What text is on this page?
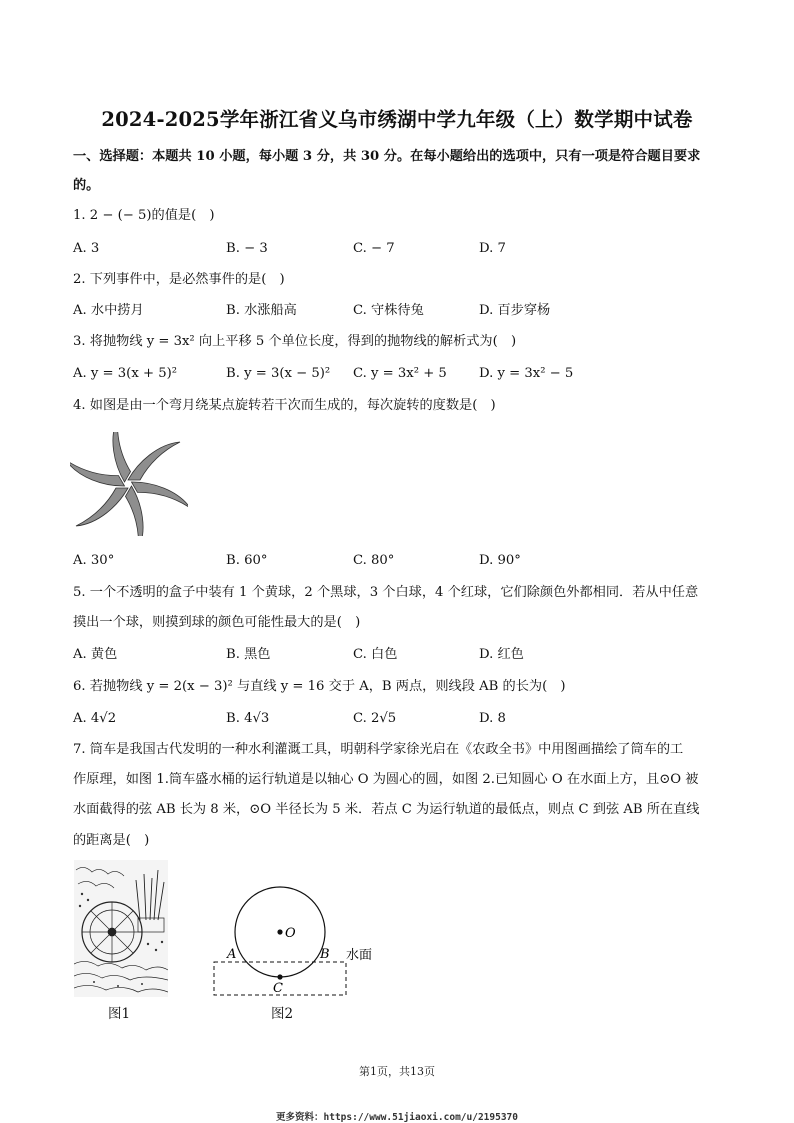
2024-2025学年浙江省义乌市绣湖中学九年级（上）数学期中试卷
一、选择题：本题共 10 小题，每小题 3 分，共 30 分。在每小题给出的选项中，只有一项是符合题目要求
的。
1. 2 − (− 5)的值是(　)
A. 3	B. − 3	C. − 7	D. 7
2. 下列事件中，是必然事件的是(　)
A. 水中捞月	B. 水涨船高	C. 守株待兔	D. 百步穿杨
3. 将抛物线 y = 3x² 向上平移 5 个单位长度，得到的抛物线的解析式为(　)
A. y = 3(x + 5)²	B. y = 3(x − 5)² C. y = 3x² + 5 D. y = 3x² − 5
4. 如图是由一个弯月绕某点旋转若干次而生成的，每次旋转的度数是(　)
A. 30°	B. 60°	C. 80°	D. 90°
5. 一个不透明的盒子中装有 1 个黄球，2 个黑球，3 个白球，4 个红球，它们除颜色外都相同．若从中任意
摸出一个球，则摸到球的颜色可能性最大的是(　)
A. 黄色	B. 黑色	C. 白色	D. 红色
6. 若抛物线 y = 2(x − 3)² 与直线 y = 16 交于 A，B 两点，则线段 AB 的长为(　)
A. 4√2	B. 4√3	C. 2√5	D. 8
7. 筒车是我国古代发明的一种水利灌溉工具，明朝科学家徐光启在《农政全书》中用图画描绘了筒车的工
作原理，如图 1.筒车盛水桶的运行轨道是以轴心 O 为圆心的圆，如图 2.已知圆心 O 在水面上方，且⊙O 被
水面截得的弦 AB 长为 8 米，⊙O 半径长为 5 米．若点 C 为运行轨道的最低点，则点 C 到弦 AB 所在直线
的距离是(　)
图1
O
A	B
C
水面
图2
第1页，共13页
更多资料：https://www.51jiaoxi.com/u/2195370
